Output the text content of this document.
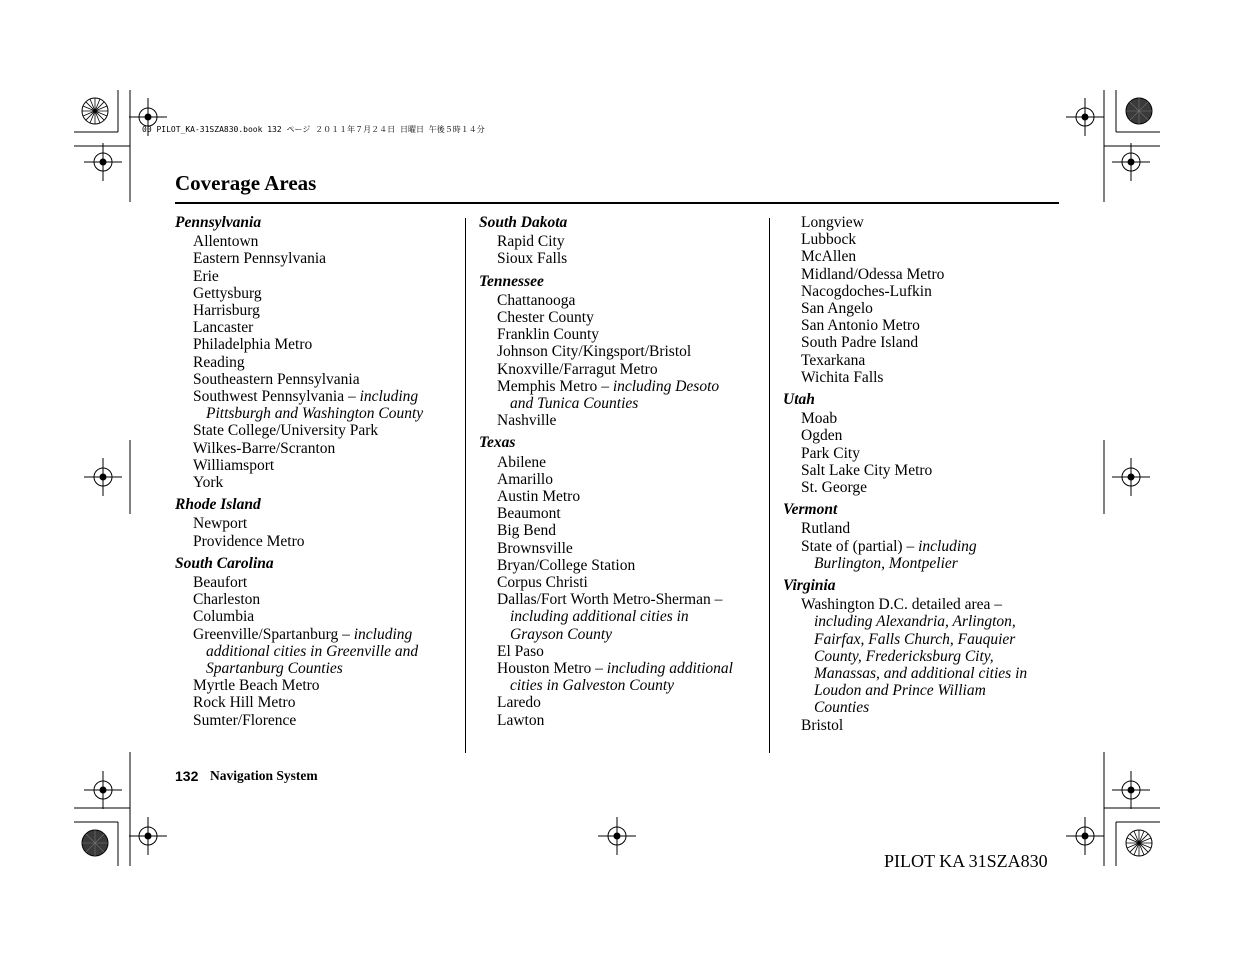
00 PILOT_KA-31SZA830.book 132 ページ ２０１１年７月２４日 日曜日 午後５時１４分
Coverage Areas
Pennsylvania
Allentown
Eastern Pennsylvania
Erie
Gettysburg
Harrisburg
Lancaster
Philadelphia Metro
Reading
Southeastern Pennsylvania
Southwest Pennsylvania – including
Pittsburgh and Washington County
State College/University Park
Wilkes-Barre/Scranton
Williamsport
York
Rhode Island
Newport
Providence Metro
South Carolina
Beaufort
Charleston
Columbia
Greenville/Spartanburg – including
additional cities in Greenville and
Spartanburg Counties
Myrtle Beach Metro
Rock Hill Metro
Sumter/Florence
South Dakota
Rapid City
Sioux Falls
Tennessee
Chattanooga
Chester County
Franklin County
Johnson City/Kingsport/Bristol
Knoxville/Farragut Metro
Memphis Metro – including Desoto
and Tunica Counties
Nashville
Texas
Abilene
Amarillo
Austin Metro
Beaumont
Big Bend
Brownsville
Bryan/College Station
Corpus Christi
Dallas/Fort Worth Metro-Sherman –
including additional cities in
Grayson County
El Paso
Houston Metro – including additional
cities in Galveston County
Laredo
Lawton
Longview
Lubbock
McAllen
Midland/Odessa Metro
Nacogdoches-Lufkin
San Angelo
San Antonio Metro
South Padre Island
Texarkana
Wichita Falls
Utah
Moab
Ogden
Park City
Salt Lake City Metro
St. George
Vermont
Rutland
State of (partial) – including
Burlington, Montpelier
Virginia
Washington D.C. detailed area –
including Alexandria, Arlington,
Fairfax, Falls Church, Fauquier
County, Fredericksburg City,
Manassas, and additional cities in
Loudon and Prince William
Counties
Bristol
132 Navigation System
PILOT KA 31SZA830
